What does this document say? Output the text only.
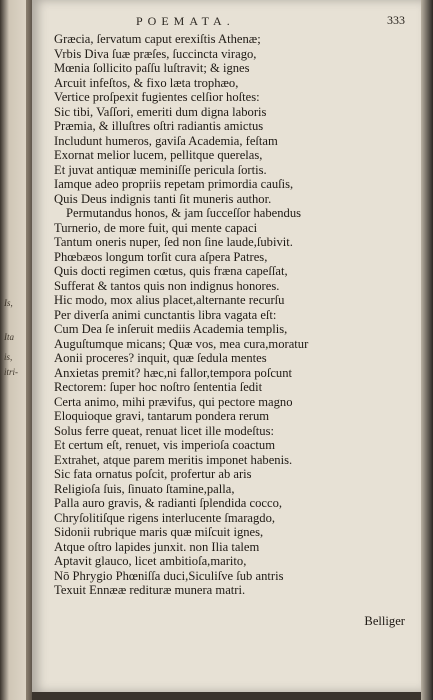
Is,
Ita
is,
itri-
POEMATA.	333
Græcia, ſervatum caput erexiſtis Athenæ;
Vrbis Diva ſuæ præſes, ſuccincta virago,
Mœnia ſollicito paſſu luſtravit; & ignes
Arcuit infeſtos, & fixo læta trophæo,
Vertice proſpexit fugientes celſior hoſtes:
Sic tibi, Vaſſori, emeriti dum digna laboris
Præmia, & illuſtres oſtri radiantis amictus
Includunt humeros, gaviſa Academia, feſtam
Exornat melior lucem, pellitque querelas,
Et juvat antiquæ meminiſſe pericula ſortis.
Iamque adeo propriis repetam primordia cauſis,
Quis Deus indignis tanti ſit muneris author.
Permutandus honos, & jam ſucceſſor habendus
Turnerio, de more fuit, qui mente capaci
Tantum oneris nuper, ſed non ſine laude,ſubivit.
Phœbæos longum torſit cura aſpera Patres,
Quis docti regimen cœtus, quis fræna capeſſat,
Sufferat & tantos quis non indignus honores.
Hic modo, mox alius placet,alternante recurſu
Per diverſa animi cunctantis libra vagata eſt:
Cum Dea ſe inſeruit mediis Academia templis,
Auguſtumque micans; Quæ vos, mea cura,moratur
Aonii proceres? inquit, quæ ſedula mentes
Anxietas premit? hæc,ni fallor,tempora poſcunt
Rectorem: ſuper hoc noſtro ſententia ſedit
Certa animo, mihi prævifus, qui pectore magno
Eloquioque gravi, tantarum pondera rerum
Solus ferre queat, renuat licet ille modeſtus:
Et certum eſt, renuet, vis imperioſa coactum
Extrahet, atque parem meritis imponet habenis.
Sic fata ornatus poſcit, profertur ab aris
Religioſa ſuis, ſinuato ſtamine,palla,
Palla auro gravis, & radianti ſplendida cocco,
Chryſolitiſque rigens interlucente ſmaragdo,
Sidonii rubrique maris quæ miſcuit ignes,
Atque oſtro lapides junxit. non Ilia talem
Aptavit glauco, licet ambitioſa,marito,
Nō Phrygio Phœniſſa duci,Siculiſve ſub antris
Texuit Ennææ redituræ munera matri.
Belliger
